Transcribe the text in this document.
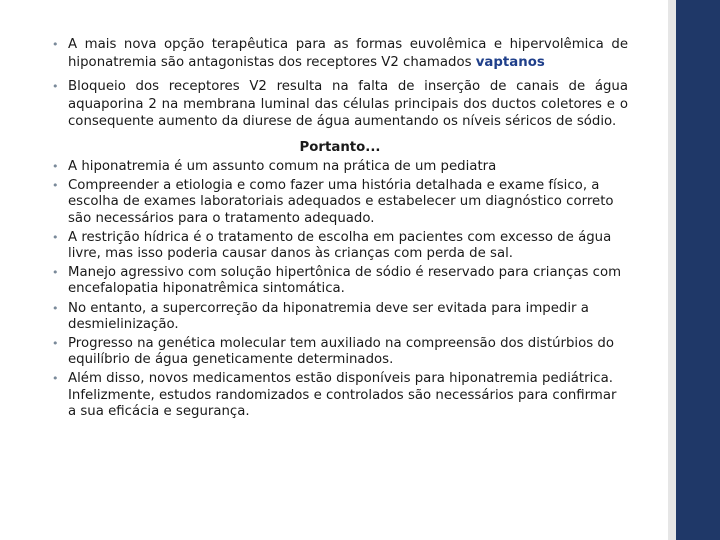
• A mais nova opção terapêutica para as formas euvolêmica e hipervolêmica de hiponatremia são antagonistas dos receptores V2 chamados vaptanos
• Bloqueio dos receptores V2 resulta na falta de inserção de canais de água aquaporina 2 na membrana luminal das células principais dos ductos coletores e o consequente aumento da diurese de água aumentando os níveis séricos de sódio.
Portanto...
• A hiponatremia é um assunto comum na prática de um pediatra
• Compreender a etiologia e como fazer uma história detalhada e exame físico, a escolha de exames laboratoriais adequados e estabelecer um diagnóstico correto são necessários para o tratamento adequado.
• A restrição hídrica é o tratamento de escolha em pacientes com excesso de água livre, mas isso poderia causar danos às crianças com perda de sal.
• Manejo agressivo com solução hipertônica de sódio é reservado para crianças com encefalopatia hiponatrêmica sintomática.
• No entanto, a supercorreção da hiponatremia deve ser evitada para impedir a desmielinização.
• Progresso na genética molecular tem auxiliado na compreensão dos distúrbios do equilíbrio de água geneticamente determinados.
• Além disso, novos medicamentos estão disponíveis para hiponatremia pediátrica. Infelizmente, estudos randomizados e controlados são necessários para confirmar a sua eficácia e segurança.
